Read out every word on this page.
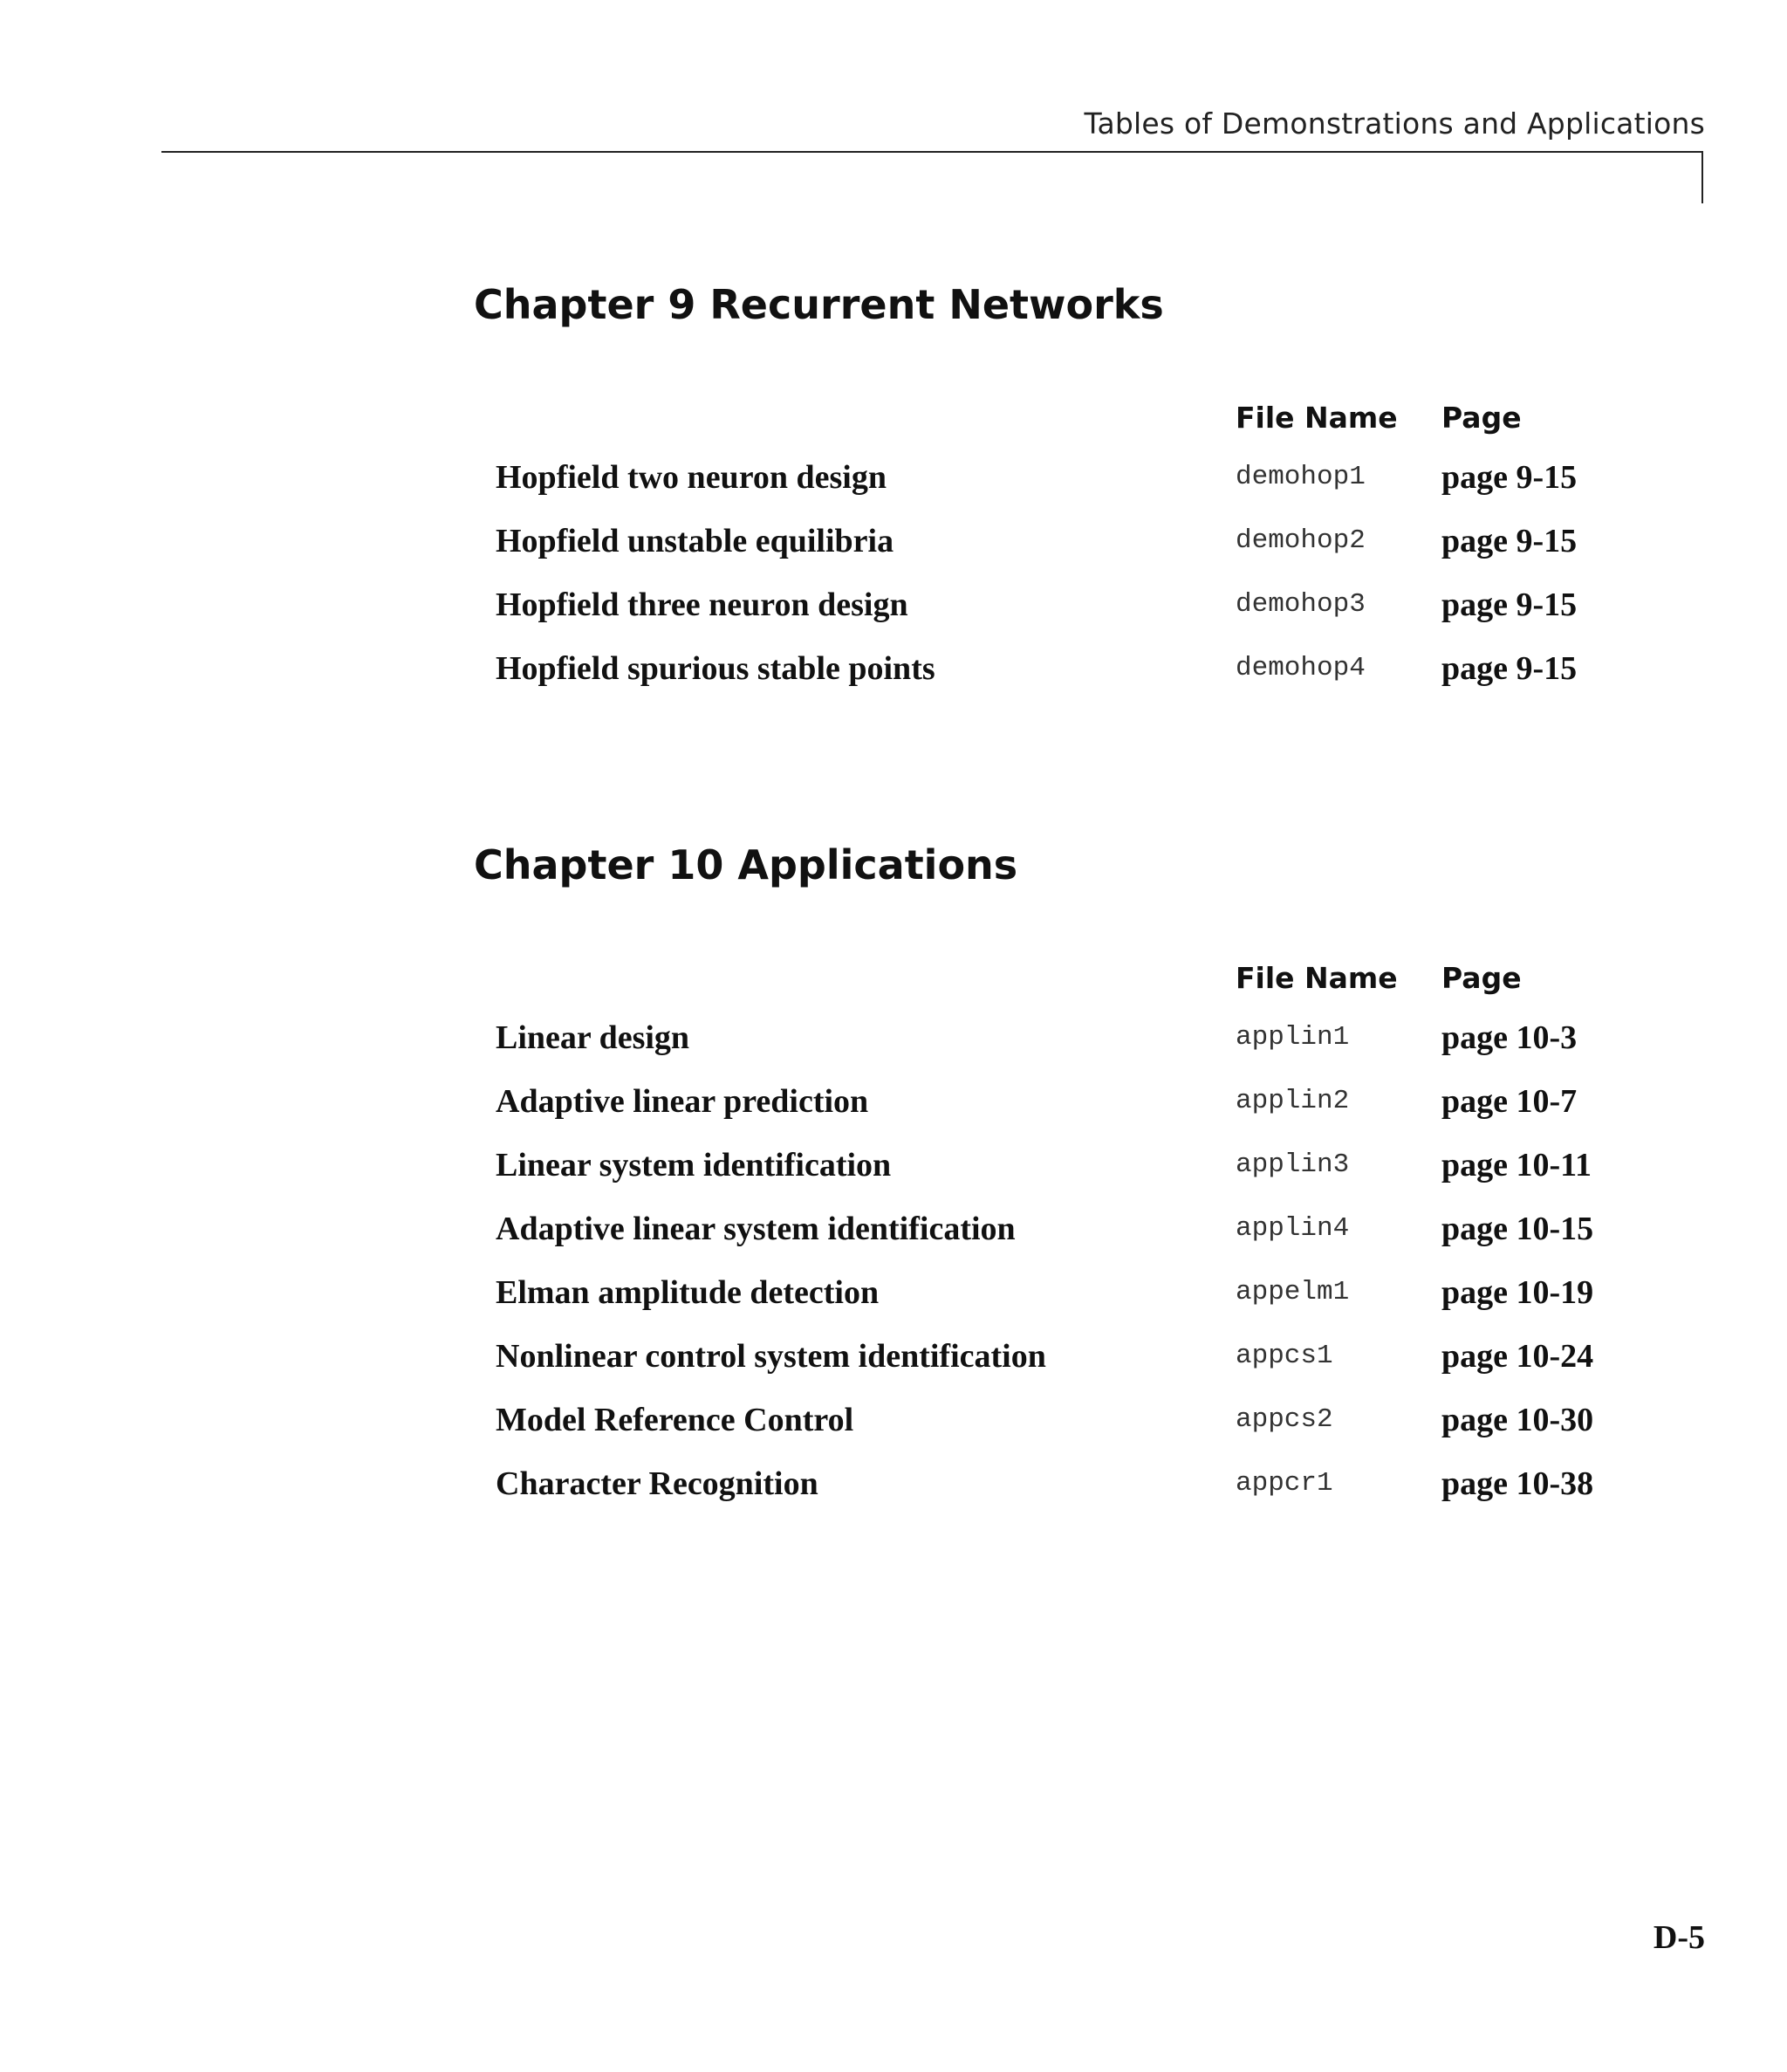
Tables of Demonstrations and Applications
Chapter 9 Recurrent Networks
File Name Page
Hopfield two neuron design	demohop1 page 9-15
Hopfield unstable equilibria	demohop2 page 9-15
Hopfield three neuron design	demohop3 page 9-15
Hopfield spurious stable points	demohop4 page 9-15
Chapter 10 Applications
File Name Page
Linear design	applin1	page 10-3
Adaptive linear prediction	applin2	page 10-7
Linear system identification	applin3	page 10-11
Adaptive linear system identification	applin4	page 10-15
Elman amplitude detection	appelm1	page 10-19
Nonlinear control system identification	appcs1	page 10-24
Model Reference Control	appcs2	page 10-30
Character Recognition	appcr1	page 10-38
D-5
